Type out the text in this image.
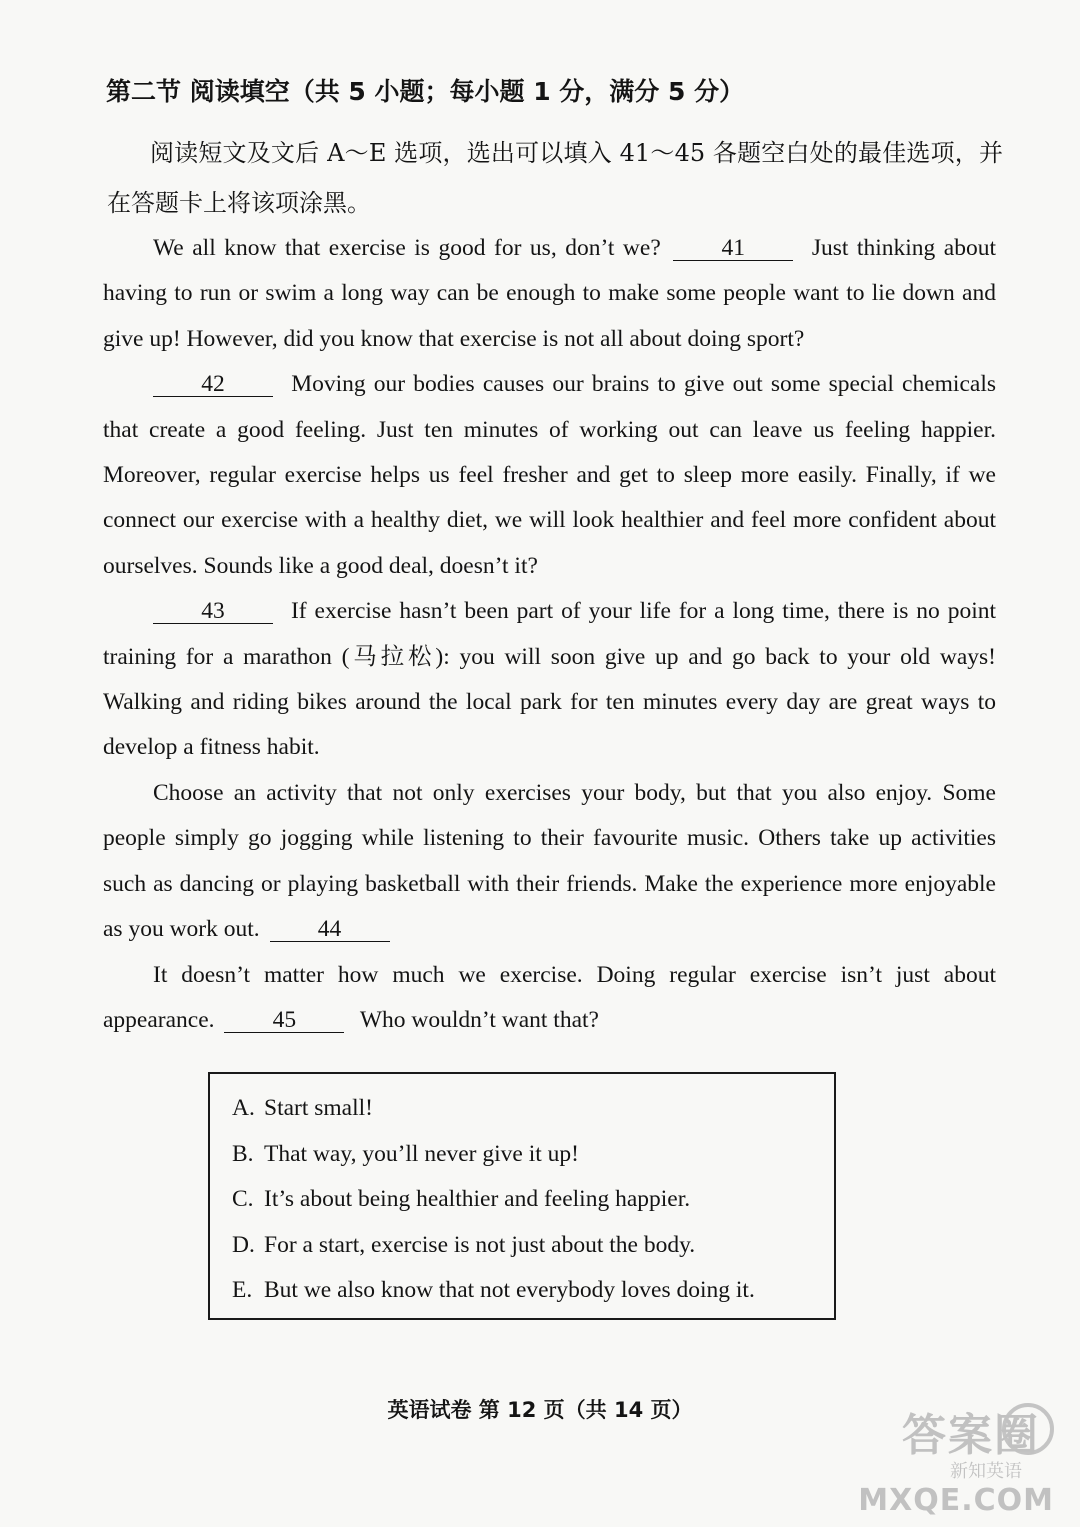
第二节 阅读填空（共 5 小题；每小题 1 分，满分 5 分）
阅读短文及文后 A～E 选项，选出可以填入 41～45 各题空白处的最佳选项，并在答题卡上将该项涂黑。

We all know that exercise is good for us, don’t we?	41	Just thinking about having to run or swim a long way can be enough to make some people want to lie down and give up! However, did you know that exercise is not all about doing sport?

42	Moving our bodies causes our brains to give out some special chemicals that create a good feeling. Just ten minutes of working out can leave us feeling happier. Moreover, regular exercise helps us feel fresher and get to sleep more easily. Finally, if we connect our exercise with a healthy diet, we will look healthier and feel more confident about ourselves. Sounds like a good deal, doesn’t it?

43	If exercise hasn’t been part of your life for a long time, there is no point training for a marathon (马拉松): you will soon give up and go back to your old ways! Walking and riding bikes around the local park for ten minutes every day are great ways to develop a fitness habit.

Choose an activity that not only exercises your body, but that you also enjoy. Some people simply go jogging while listening to their favourite music. Others take up activities such as dancing or playing basketball with their friends. Make the experience more enjoyable as you work out. 44

It doesn’t matter how much we exercise. Doing regular exercise isn’t just about appearance. 45	Who wouldn’t want that?

A. Start small!
B. That way, you’ll never give it up!
C. It’s about being healthier and feeling happier.
D. For a start, exercise is not just about the body.
E. But we also know that not everybody loves doing it.
英语试卷 第 12 页（共 14 页）	答案圈
新知英语
MXQE.COM
